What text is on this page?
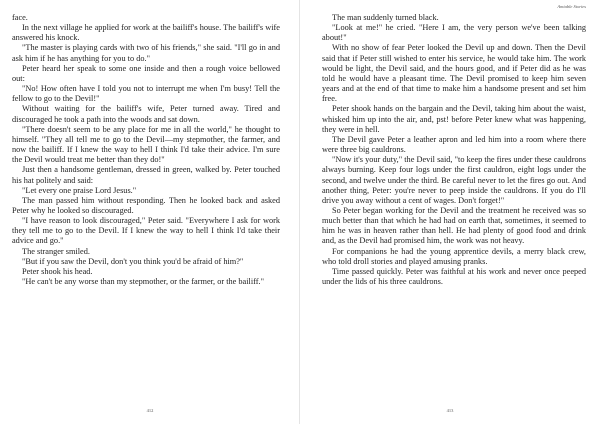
face.

In the next village he applied for work at the bailiff's house. The bailiff's wife answered his knock.

"The master is playing cards with two of his friends," she said. "I'll go in and ask him if he has anything for you to do."

Peter heard her speak to some one inside and then a rough voice bellowed out:

"No! How often have I told you not to interrupt me when I'm busy! Tell the fellow to go to the Devil!"

Without waiting for the bailiff's wife, Peter turned away. Tired and discouraged he took a path into the woods and sat down.

"There doesn't seem to be any place for me in all the world," he thought to himself. "They all tell me to go to the Devil—my stepmother, the farmer, and now the bailiff. If I knew the way to hell I think I'd take their advice. I'm sure the Devil would treat me better than they do!"

Just then a handsome gentleman, dressed in green, walked by. Peter touched his hat politely and said:

"Let every one praise Lord Jesus."

The man passed him without responding. Then he looked back and asked Peter why he looked so discouraged.

"I have reason to look discouraged," Peter said. "Everywhere I ask for work they tell me to go to the Devil. If I knew the way to hell I think I'd take their advice and go."

The stranger smiled.

"But if you saw the Devil, don't you think you'd be afraid of him?"

Peter shook his head.

"He can't be any worse than my stepmother, or the farmer, or the bailiff."

412
Amiable Stories

The man suddenly turned black.

"Look at me!" he cried. "Here I am, the very person we've been talking about!"

With no show of fear Peter looked the Devil up and down. Then the Devil said that if Peter still wished to enter his service, he would take him. The work would be light, the Devil said, and the hours good, and if Peter did as he was told he would have a pleasant time. The Devil promised to keep him seven years and at the end of that time to make him a handsome present and set him free.

Peter shook hands on the bargain and the Devil, taking him about the waist, whisked him up into the air, and, pst! before Peter knew what was happening, they were in hell.

The Devil gave Peter a leather apron and led him into a room where there were three big cauldrons.

"Now it's your duty," the Devil said, "to keep the fires under these cauldrons always burning. Keep four logs under the first cauldron, eight logs under the second, and twelve under the third. Be careful never to let the fires go out. And another thing, Peter: you're never to peep inside the cauldrons. If you do I'll drive you away without a cent of wages. Don't forget!"

So Peter began working for the Devil and the treatment he received was so much better than that which he had had on earth that, sometimes, it seemed to him he was in heaven rather than hell. He had plenty of good food and drink and, as the Devil had promised him, the work was not heavy.

For companions he had the young apprentice devils, a merry black crew, who told droll stories and played amusing pranks.

Time passed quickly. Peter was faithful at his work and never once peeped under the lids of his three cauldrons.

413
